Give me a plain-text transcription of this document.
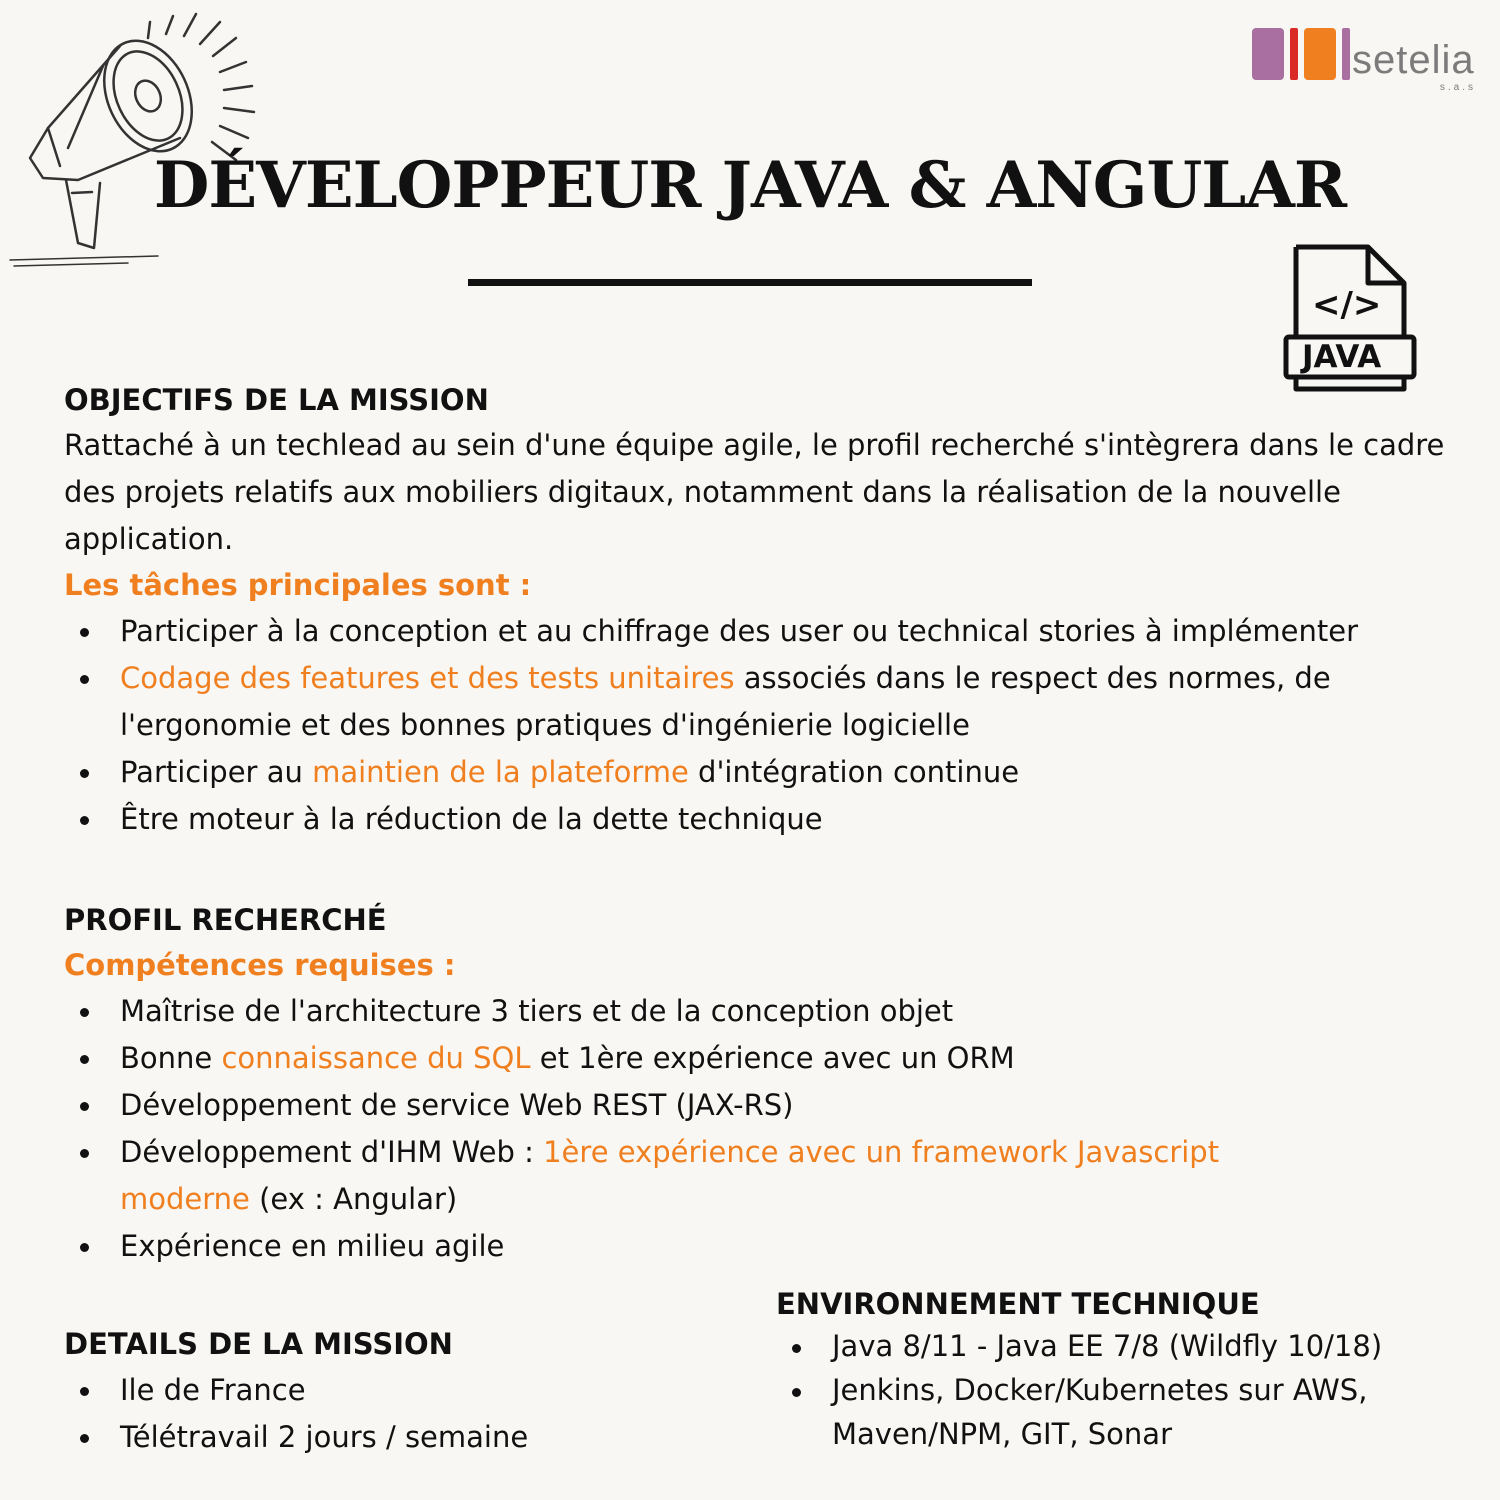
setelia
s.a.s
DÉVELOPPEUR JAVA & ANGULAR
</>
JAVA
OBJECTIFS DE LA MISSION

Rattaché à un techlead au sein d'une équipe agile, le profil recherché s'intègrera dans le cadre des projets relatifs aux mobiliers digitaux, notamment dans la réalisation de la nouvelle application.

Les tâches principales sont :
Participer à la conception et au chiffrage des user ou technical stories à implémenter
Codage des features et des tests unitaires associés dans le respect des normes, de l'ergonomie et des bonnes pratiques d'ingénierie logicielle
Participer au maintien de la plateforme d'intégration continue
Être moteur à la réduction de la dette technique
PROFIL RECHERCHÉ
Compétences requises :
Maîtrise de l'architecture 3 tiers et de la conception objet
Bonne connaissance du SQL et 1ère expérience avec un ORM
Développement de service Web REST (JAX-RS)
Développement d'IHM Web : 1ère expérience avec un framework Javascript moderne (ex : Angular)
Expérience en milieu agile
DETAILS DE LA MISSION
Ile de France
Télétravail 2 jours / semaine
ENVIRONNEMENT TECHNIQUE
Java 8/11 - Java EE 7/8 (Wildfly 10/18)
Jenkins, Docker/Kubernetes sur AWS, Maven/NPM, GIT, Sonar
